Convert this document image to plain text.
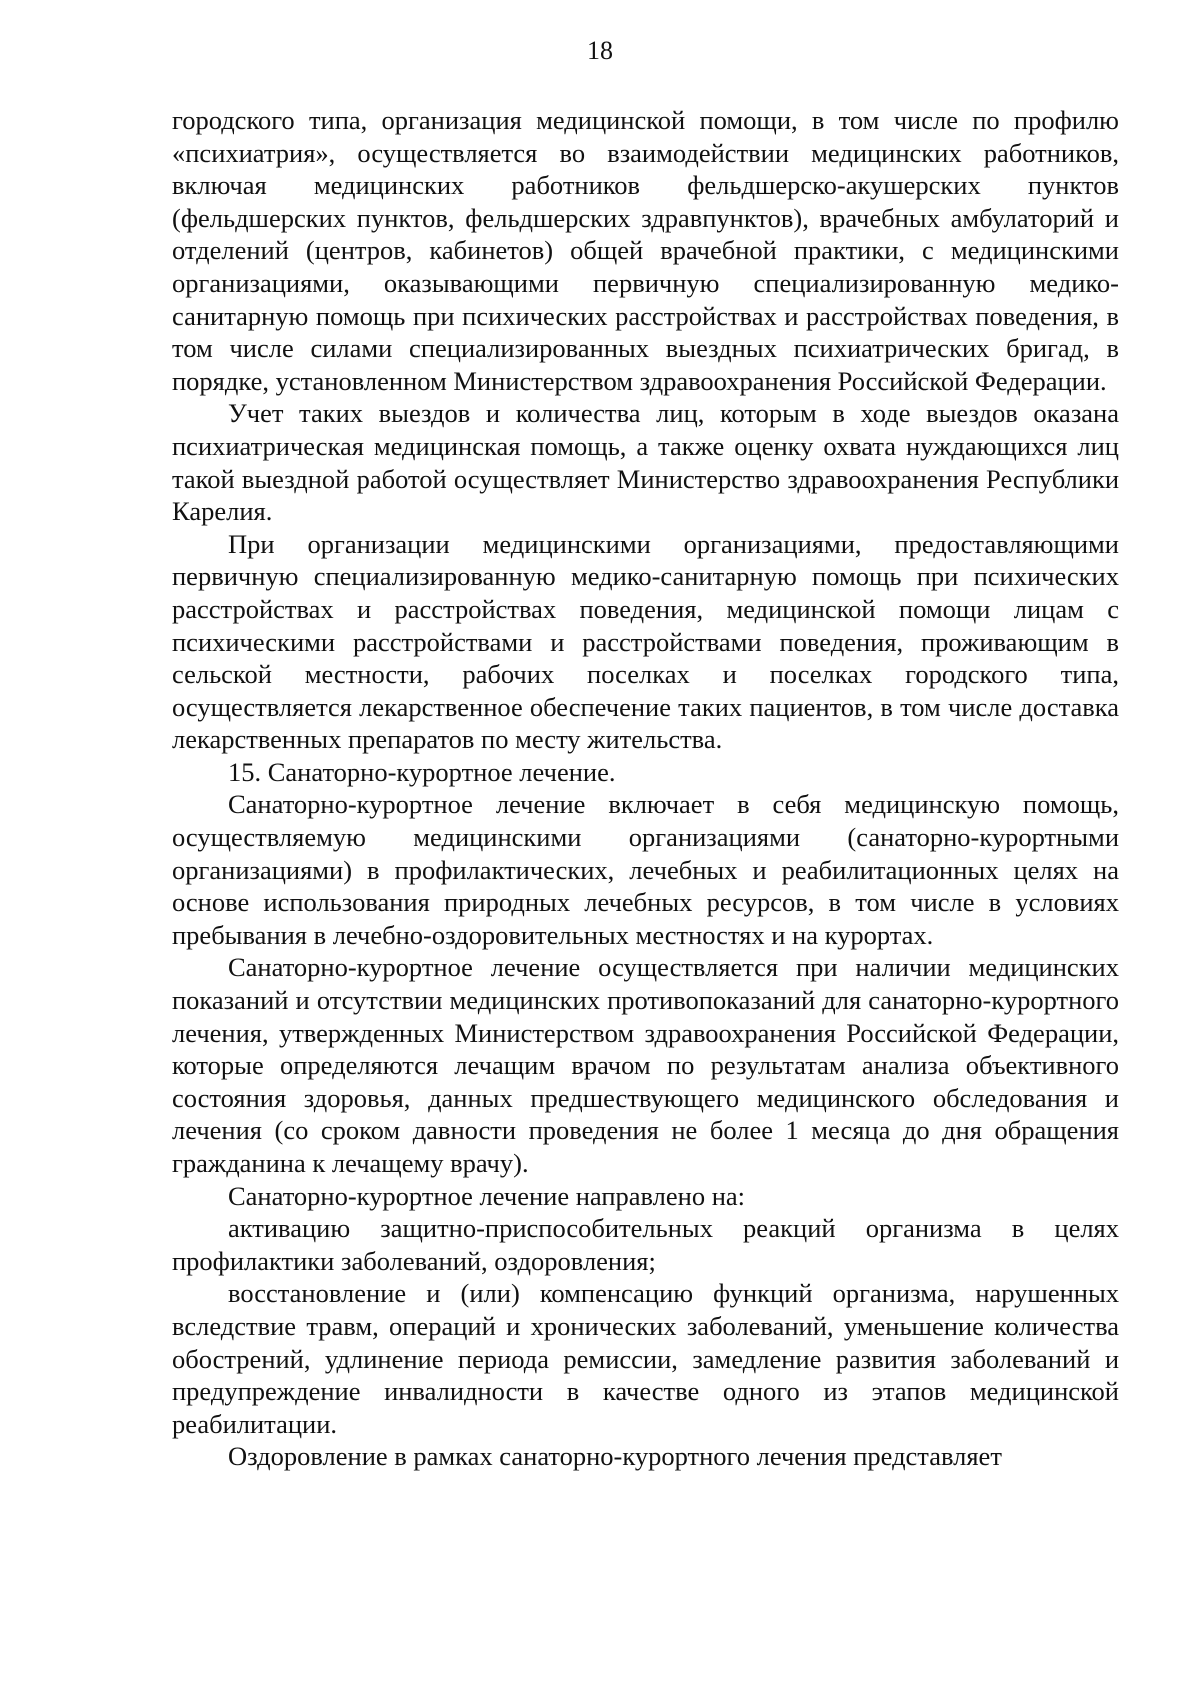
18

городского типа, организация медицинской помощи, в том числе по профилю «психиатрия», осуществляется во взаимодействии медицинских работников, включая медицинских работников фельдшерско-акушерских пунктов (фельдшерских пунктов, фельдшерских здравпунктов), врачебных амбулаторий и отделений (центров, кабинетов) общей врачебной практики, с медицинскими организациями, оказывающими первичную специализированную медико-санитарную помощь при психических расстройствах и расстройствах поведения, в том числе силами специализированных выездных психиатрических бригад, в порядке, установленном Министерством здравоохранения Российской Федерации.

Учет таких выездов и количества лиц, которым в ходе выездов оказана психиатрическая медицинская помощь, а также оценку охвата нуждающихся лиц такой выездной работой осуществляет Министерство здравоохранения Республики Карелия.

При организации медицинскими организациями, предоставляющими первичную специализированную медико-санитарную помощь при психических расстройствах и расстройствах поведения, медицинской помощи лицам с психическими расстройствами и расстройствами поведения, проживающим в сельской местности, рабочих поселках и поселках городского типа, осуществляется лекарственное обеспечение таких пациентов, в том числе доставка лекарственных препаратов по месту жительства.

15. Санаторно-курортное лечение.

Санаторно-курортное лечение включает в себя медицинскую помощь, осуществляемую медицинскими организациями (санаторно-курортными организациями) в профилактических, лечебных и реабилитационных целях на основе использования природных лечебных ресурсов, в том числе в условиях пребывания в лечебно-оздоровительных местностях и на курортах.

Санаторно-курортное лечение осуществляется при наличии медицинских показаний и отсутствии медицинских противопоказаний для санаторно-курортного лечения, утвержденных Министерством здравоохранения Российской Федерации, которые определяются лечащим врачом по результатам анализа объективного состояния здоровья, данных предшествующего медицинского обследования и лечения (со сроком давности проведения не более 1 месяца до дня обращения гражданина к лечащему врачу).

Санаторно-курортное лечение направлено на:

активацию защитно-приспособительных реакций организма в целях профилактики заболеваний, оздоровления;

восстановление и (или) компенсацию функций организма, нарушенных вследствие травм, операций и хронических заболеваний, уменьшение количества обострений, удлинение периода ремиссии, замедление развития заболеваний и предупреждение инвалидности в качестве одного из этапов медицинской реабилитации.

Оздоровление в рамках санаторно-курортного лечения представляет
